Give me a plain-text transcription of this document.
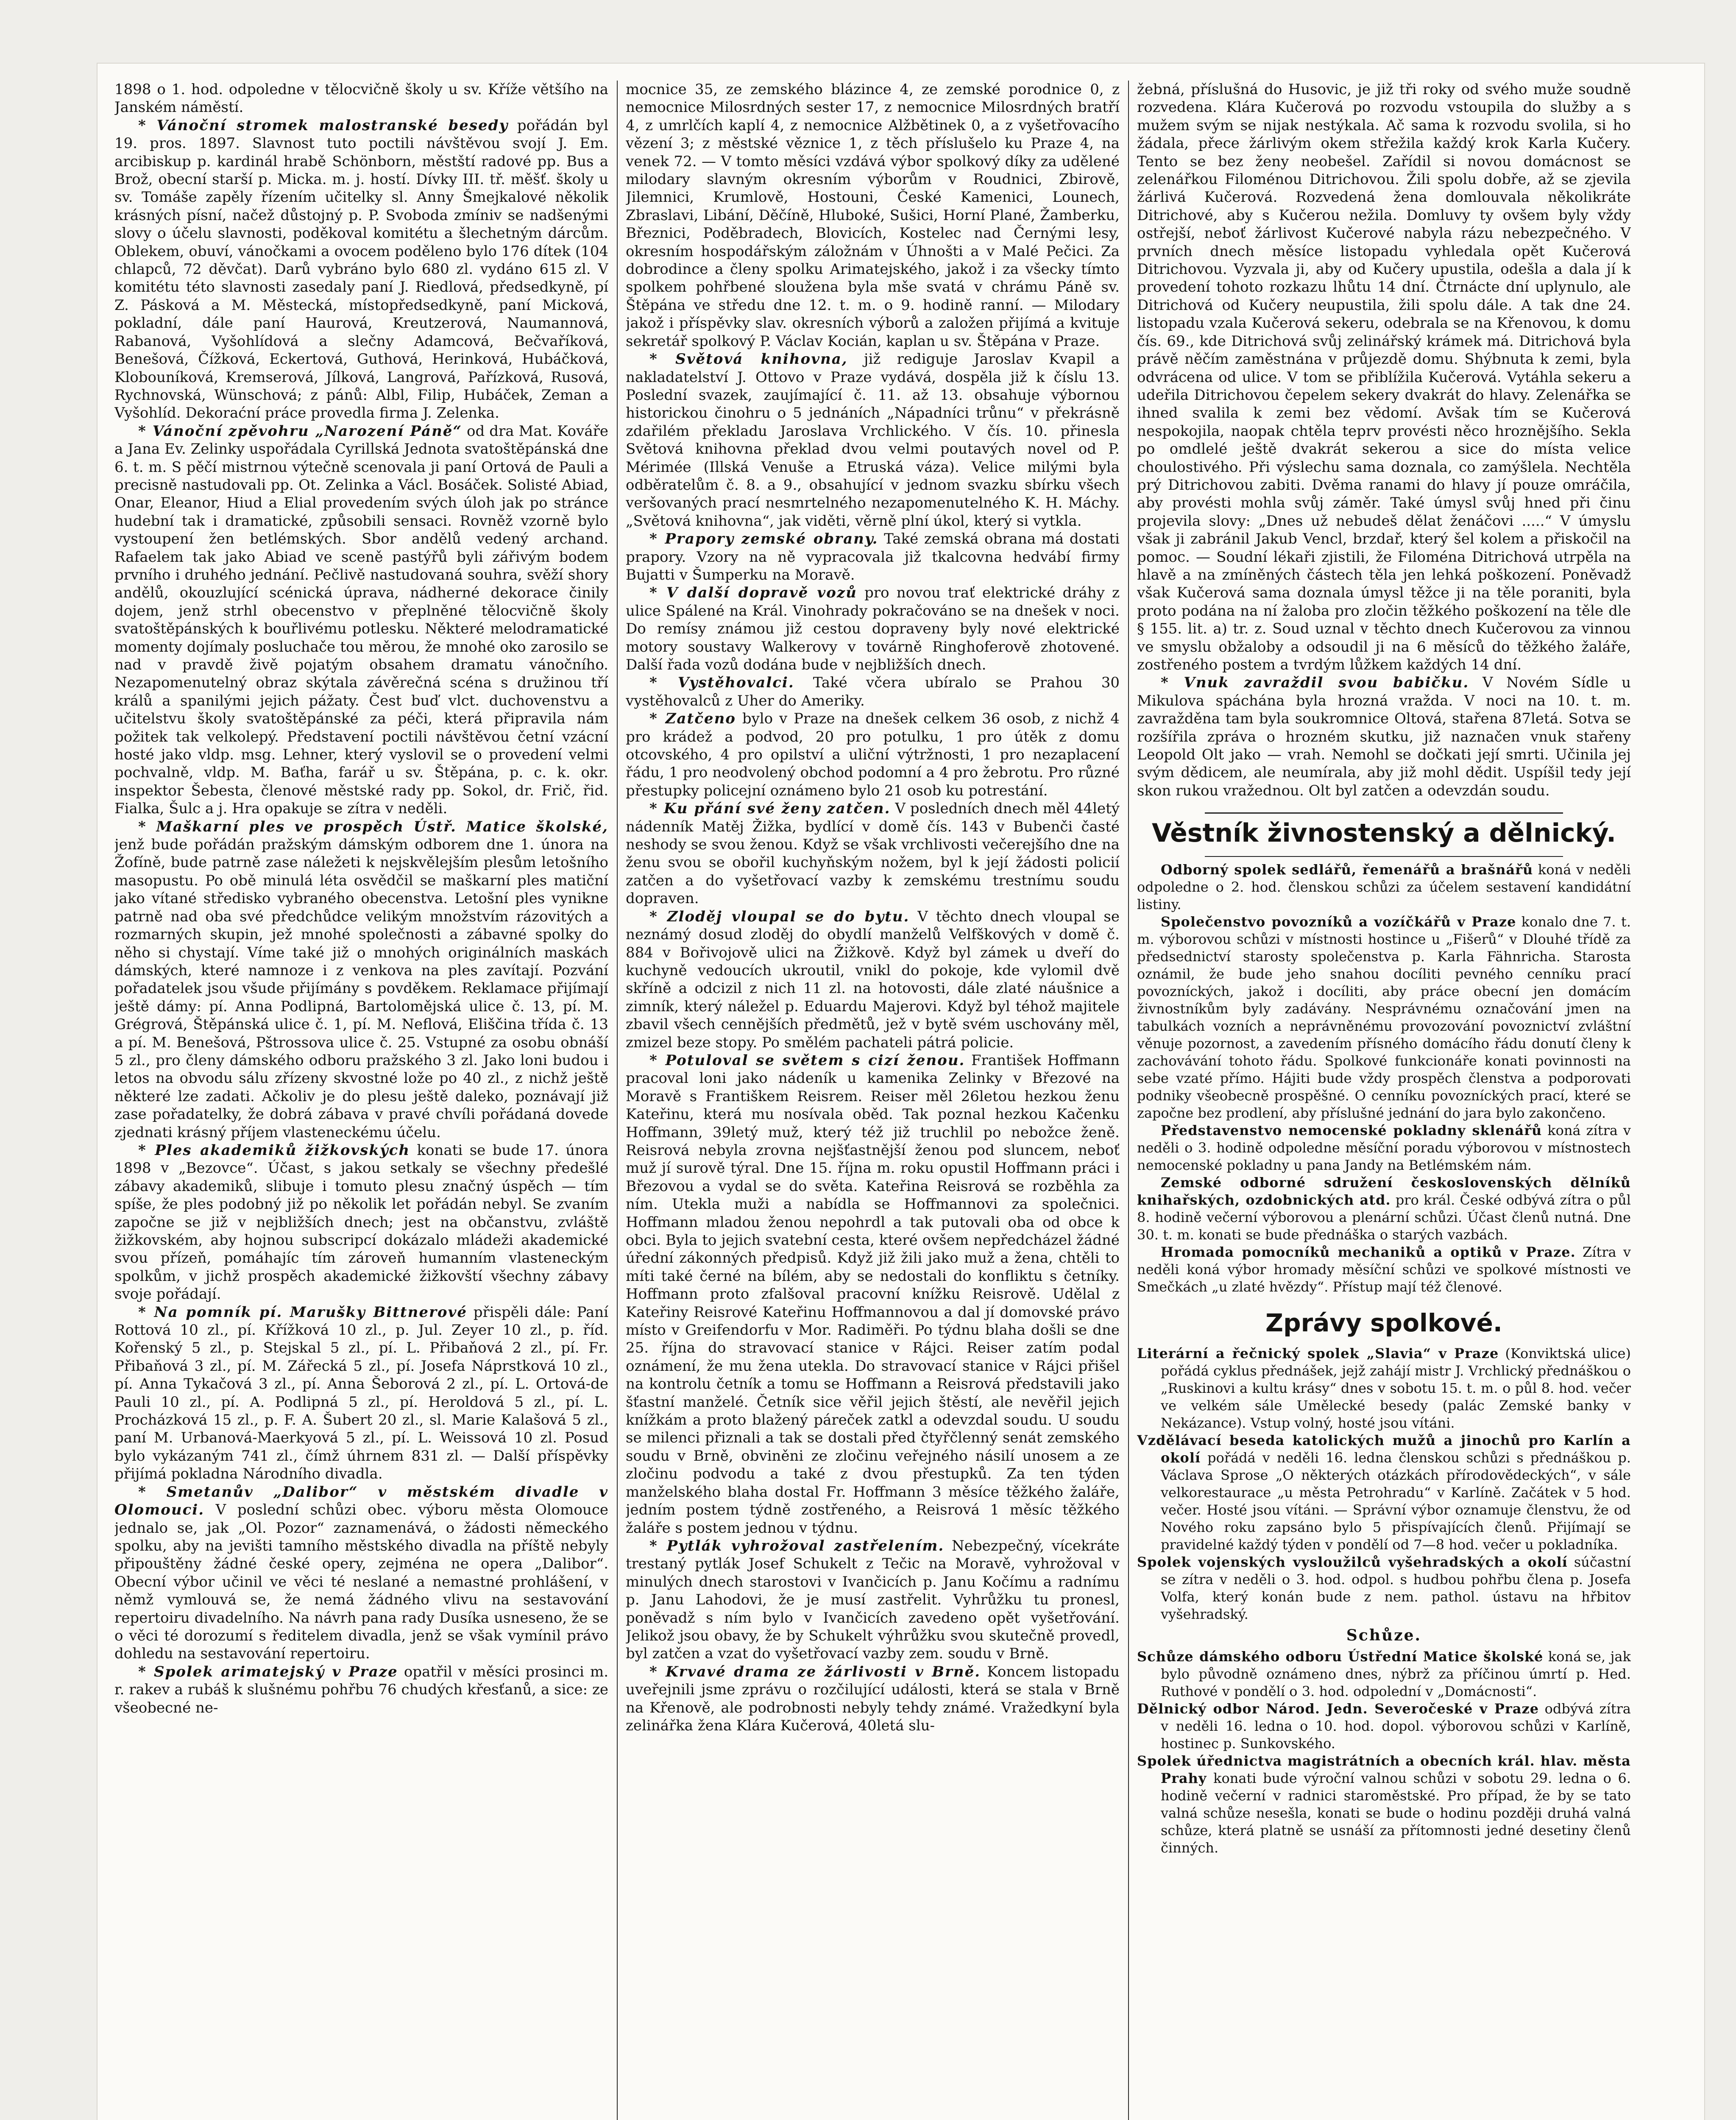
1898 o 1. hod. odpoledne v tělocvičně školy u sv. Kříže většího na Janském náměstí.

* Vánoční stromek malostranské besedy pořádán byl 19. pros. 1897. Slavnost tuto poctili návštěvou svojí J. Em. arcibiskup p. kardinál hrabě Schönborn, městští radové pp. Bus a Brož, obecní starší p. Micka. m. j. hostí. Dívky III. tř. měšť. školy u sv. Tomáše zapěly řízením učitelky sl. Anny Šmejkalové několik krásných písní, načež důstojný p. P. Svoboda zmíniv se nadšenými slovy o účelu slavnosti, poděkoval komitétu a šlechetným dárcům. Oblekem, obuví, vánočkami a ovocem poděleno bylo 176 dítek (104 chlapců, 72 děvčat). Darů vybráno bylo 680 zl. vydáno 615 zl. V komitétu této slavnosti zasedaly paní J. Riedlová, předsedkyně, pí Z. Pásková a M. Městecká, místopředsedkyně, paní Micková, pokladní, dále paní Haurová, Kreutzerová, Naumannová, Rabanová, Vyšohlídová a slečny Adamcová, Bečvaříková, Benešová, Čížková, Eckertová, Guthová, Herinková, Hubáčková, Klobouníková, Kremserová, Jílková, Langrová, Pařízková, Rusová, Rychnovská, Wünschová; z pánů: Albl, Filip, Hubáček, Zeman a Vyšohlíd. Dekoraćní práce provedla firma J. Zelenka.

* Vánoční zpěvohru „Narození Páně“ od dra Mat. Kováře a Jana Ev. Zelinky uspořádala Cyrillská Jednota svatoštěpánská dne 6. t. m. S pěčí mistrnou výtečně scenovala ji paní Ortová de Pauli a precisně nastudovali pp. Ot. Zelinka a Václ. Bosáček. Solisté Abiad, Onar, Eleanor, Hiud a Elial provedením svých úloh jak po stránce hudební tak i dramatické, způsobili sensaci. Rovněž vzorně bylo vystoupení žen betlémských. Sbor andělů vedený archand. Rafaelem tak jako Abiad ve sceně pastýřů byli zářivým bodem prvního i druhého jednání. Pečlivě nastudovaná souhra, svěží shory andělů, okouzlující scénická úprava, nádherné dekorace činily dojem, jenž strhl obecenstvo v přeplněné tělocvičně školy svatoštěpánských k bouřlivému potlesku. Některé melodramatické momenty dojímaly posluchače tou měrou, že mnohé oko zarosilo se nad v pravdě živě pojatým obsahem dramatu vánočního. Nezapomenutelný obraz skýtala závěrečná scéna s družinou tří králů a spanilými jejich pážaty. Čest buď vlct. duchovenstvu a učitelstvu školy svatoštěpánské za péči, která připravila nám požitek tak velkolepý. Představení poctili návštěvou četní vzácní hosté jako vldp. msg. Lehner, který vyslovil se o provedení velmi pochvalně, vldp. M. Baťha, farář u sv. Štěpána, p. c. k. okr. inspektor Šebesta, členové městské rady pp. Sokol, dr. Frič, řid. Fialka, Šulc a j. Hra opakuje se zítra v neděli.

* Maškarní ples ve prospěch Ústř. Matice školské, jenž bude pořádán pražským dámským odborem dne 1. února na Žofíně, bude patrně zase náležeti k nejskvělejším plesům letošního masopustu. Po obě minulá léta osvědčil se maškarní ples matiční jako vítané středisko vybraného obecenstva. Letošní ples vynikne patrně nad oba své předchůdce velikým množstvím rázovitých a rozmarných skupin, jež mnohé společnosti a zábavné spolky do něho si chystají. Víme také již o mnohých originálních maskách dámských, které namnoze i z venkova na ples zavítají. Pozvání pořadatelek jsou všude přijímány s povděkem. Reklamace přijímají ještě dámy: pí. Anna Podlipná, Bartolomějská ulice č. 13, pí. M. Grégrová, Štěpánská ulice č. 1, pí. M. Neflová, Eliščina třída č. 13 a pí. M. Benešová, Pštrossova ulice č. 25. Vstupné za osobu obnáší 5 zl., pro členy dámského odboru pražského 3 zl. Jako loni budou i letos na obvodu sálu zřízeny skvostné lože po 40 zl., z nichž ještě některé lze zadati. Ačkoliv je do plesu ještě daleko, poznávají již zase pořadatelky, že dobrá zábava v pravé chvíli pořádaná dovede zjednati krásný příjem vlasteneckému účelu.

* Ples akademiků žižkovských konati se bude 17. února 1898 v „Bezovce“. Účast, s jakou setkaly se všechny předešlé zábavy akademiků, slibuje i tomuto plesu značný úspěch — tím spíše, že ples podobný již po několik let pořádán nebyl. Se zvaním započne se již v nejbližších dnech; jest na občanstvu, zvláště žižkovském, aby hojnou subscripcí dokázalo mládeži akademické svou přízeň, pomáhajíc tím zároveň humanním vlasteneckým spolkům, v jichž prospěch akademické žižkovští všechny zábavy svoje pořádají.

* Na pomník pí. Marušky Bittnerové přispěli dále: Paní Rottová 10 zl., pí. Křížková 10 zl., p. Jul. Zeyer 10 zl., p. říd. Kořenský 5 zl., p. Stejskal 5 zl., pí. L. Přibaňová 2 zl., pí. Fr. Přibaňová 3 zl., pí. M. Zářecká 5 zl., pí. Josefa Náprstková 10 zl., pí. Anna Tykačová 3 zl., pí. Anna Šeborová 2 zl., pí. L. Ortová-de Pauli 10 zl., pí. A. Podlipná 5 zl., pí. Heroldová 5 zl., pí. L. Procházková 15 zl., p. F. A. Šubert 20 zl., sl. Marie Kalašová 5 zl., paní M. Urbanová-Maerkyová 5 zl., pí. L. Weissová 10 zl. Posud bylo vykázaným 741 zl., čímž úhrnem 831 zl. — Další příspěvky přijímá pokladna Národního divadla.

* Smetanův „Dalibor“ v městském divadle v Olomouci. V poslední schůzi obec. výboru města Olomouce jednalo se, jak „Ol. Pozor“ zaznamenává, o žádosti německého spolku, aby na jevišti tamního městského divadla na příště nebyly připouštěny žádné české opery, zejména ne opera „Dalibor“. Obecní výbor učinil ve věci té neslané a nemastné prohlášení, v němž vymlouvá se, že nemá žádného vlivu na sestavování repertoiru divadelního. Na návrh pana rady Dusíka usneseno, že se o věci té dorozumí s ředitelem divadla, jenž se však vymínil právo dohledu na sestavování repertoiru.

* Spolek arimatejský v Praze opatřil v měsíci prosinci m. r. rakev a rubáš k slušnému pohřbu 76 chudých křesťanů, a sice: ze všeobecné ne-

mocnice 35, ze zemského blázince 4, ze zemské porodnice 0, z nemocnice Milosrdných sester 17, z nemocnice Milosrdných bratří 4, z umrlčích kaplí 4, z nemocnice Alžbětinek 0, a z vyšetřovacího vězení 3; z městské věznice 1, z těch příslušelo ku Praze 4, na venek 72. — V tomto měsíci vzdává výbor spolkový díky za udělené milodary slavným okresním výborům v Roudnici, Zbirově, Jilemnici, Krumlově, Hostouni, České Kamenici, Lounech, Zbraslavi, Libání, Děčíně, Hluboké, Sušici, Horní Plané, Žamberku, Březnici, Poděbradech, Blovicích, Kostelec nad Černými lesy, okresním hospodářským záložnám v Úhnošti a v Malé Pečici. Za dobrodince a členy spolku Arimatejského, jakož i za všecky tímto spolkem pohřbené sloužena byla mše svatá v chrámu Páně sv. Štěpána ve středu dne 12. t. m. o 9. hodině ranní. — Milodary jakož i příspěvky slav. okresních výborů a založen přijímá a kvituje sekretář spolkový P. Václav Kocián, kaplan u sv. Štěpána v Praze.

* Světová knihovna, již rediguje Jaroslav Kvapil a nakladatelství J. Ottovo v Praze vydává, dospěla již k číslu 13. Poslední svazek, zaujímající č. 11. až 13. obsahuje výbornou historickou činohru o 5 jednáních „Nápadníci trůnu“ v překrásně zdařilém překladu Jaroslava Vrchlického. V čís. 10. přinesla Světová knihovna překlad dvou velmi poutavých novel od P. Mérimée (Illská Venuše a Etruská váza). Velice milými byla odběratelům č. 8. a 9., obsahující v jednom svazku sbírku všech veršovaných prací nesmrtelného nezapomenutelného K. H. Máchy. „Světová knihovna“, jak viděti, věrně plní úkol, který si vytkla.

* Prapory zemské obrany. Také zemská obrana má dostati prapory. Vzory na ně vypracovala již tkalcovna hedvábí firmy Bujatti v Šumperku na Moravě.

* V další dopravě vozů pro novou trať elektrické dráhy z ulice Spálené na Král. Vinohrady pokračováno se na dnešek v noci. Do remísy známou již cestou dopraveny byly nové elektrické motory soustavy Walkerovy v továrně Ringhoferově zhotovené. Další řada vozů dodána bude v nejbližších dnech.

* Vystěhovalci. Také včera ubíralo se Prahou 30 vystěhovalců z Uher do Ameriky.

* Zatčeno bylo v Praze na dnešek celkem 36 osob, z nichž 4 pro krádež a podvod, 20 pro potulku, 1 pro útěk z domu otcovského, 4 pro opilství a uliční výtržnosti, 1 pro nezaplacení řádu, 1 pro neodvolený obchod podomní a 4 pro žebrotu. Pro různé přestupky policejní oznámeno bylo 21 osob ku potrestání.

* Ku přání své ženy zatčen. V posledních dnech měl 44letý nádenník Matěj Žižka, bydlící v domě čís. 143 v Bubenči časté neshody se svou ženou. Když se však vrchlivosti večerejšího dne na ženu svou se obořil kuchyňským nožem, byl k její žádosti policií zatčen a do vyšetřovací vazby k zemskému trestnímu soudu dopraven.

* Zloděj vloupal se do bytu. V těchto dnech vloupal se neznámý dosud zloděj do obydlí manželů Velfškových v domě č. 884 v Bořivojově ulici na Žižkově. Když byl zámek u dveří do kuchyně vedoucích ukroutil, vnikl do pokoje, kde vylomil dvě skříně a odcizil z nich 11 zl. na hotovosti, dále zlaté náušnice a zimník, který náležel p. Eduardu Majerovi. Když byl téhož majitele zbavil všech cennějších předmětů, jež v bytě svém uschovány měl, zmizel beze stopy. Po smělém pachateli pátrá policie.

* Potuloval se světem s cizí ženou. František Hoffmann pracoval loni jako nádeník u kamenika Zelinky v Březové na Moravě s Františkem Reisrem. Reiser měl 26letou hezkou ženu Kateřinu, která mu nosívala oběd. Tak poznal hezkou Kačenku Hoffmann, 39letý muž, který též již truchlil po nebožce ženě. Reisrová nebyla zrovna nejšťastnější ženou pod sluncem, neboť muž jí surově týral. Dne 15. října m. roku opustil Hoffmann práci i Březovou a vydal se do světa. Kateřina Reisrová se rozběhla za ním. Utekla muži a nabídla se Hoffmannovi za společnici. Hoffmann mladou ženou nepohrdl a tak putovali oba od obce k obci. Byla to jejich svatební cesta, které ovšem nepředcházel žádné úřední zákonných předpisů. Když již žili jako muž a žena, chtěli to míti také černé na bílém, aby se nedostali do konfliktu s četníky. Hoffmann proto zfalšoval pracovní knížku Reisrově. Udělal z Kateřiny Reisrové Kateřinu Hoffmannovou a dal jí domovské právo místo v Greifendorfu v Mor. Radiměři. Po týdnu blaha došli se dne 25. října do stravovací stanice v Rájci. Reiser zatím podal oznámení, že mu žena utekla. Do stravovací stanice v Rájci přišel na kontrolu četník a tomu se Hoffmann a Reisrová představili jako šťastní manželé. Četník sice věřil jejich štěstí, ale nevěřil jejich knížkám a proto blažený páreček zatkl a odevzdal soudu. U soudu se milenci přiznali a tak se dostali před čtyřčlenný senát zemského soudu v Brně, obviněni ze zločinu veřejného násilí unosem a ze zločinu podvodu a také z dvou přestupků. Za ten týden manželského blaha dostal Fr. Hoffmann 3 měsíce těžkého žaláře, jedním postem týdně zostřeného, a Reisrová 1 měsíc těžkého žaláře s postem jednou v týdnu.

* Pytlák vyhrožoval zastřelením. Nebezpečný, vícekráte trestaný pytlák Josef Schukelt z Tečic na Moravě, vyhrožoval v minulých dnech starostovi v Ivančicích p. Janu Kočímu a radnímu p. Janu Lahodovi, že je musí zastřelit. Vyhrůžku tu pronesl, poněvadž s ním bylo v Ivančicích zavedeno opět vyšetřování. Jelikož jsou obavy, že by Schukelt výhrůžku svou skutečně provedl, byl zatčen a vzat do vyšetřovací vazby zem. soudu v Brně.

* Krvavé drama ze žárlivosti v Brně. Koncem listopadu uveřejnili jsme zprávu o rozčilující události, která se stala v Brně na Křenově, ale podrobnosti nebyly tehdy známé. Vražedkyní byla zelinářka žena Klára Kučerová, 40letá slu-

žebná, příslušná do Husovic, je již tři roky od svého muže soudně rozvedena. Klára Kučerová po rozvodu vstoupila do služby a s mužem svým se nijak nestýkala. Ač sama k rozvodu svolila, si ho žádala, přece žárlivým okem střežila každý krok Karla Kučery. Tento se bez ženy neobešel. Zařídil si novou domácnost se zelenářkou Filoménou Ditrichovou. Žili spolu dobře, až se zjevila žárlivá Kučerová. Rozvedená žena domlouvala několikráte Ditrichové, aby s Kučerou nežila. Domluvy ty ovšem byly vždy ostřejší, neboť žárlivost Kučerové nabyla rázu nebezpečného. V prvních dnech měsíce listopadu vyhledala opět Kučerová Ditrichovou. Vyzvala ji, aby od Kučery upustila, odešla a dala jí k provedení tohoto rozkazu lhůtu 14 dní. Čtrnácte dní uplynulo, ale Ditrichová od Kučery neupustila, žili spolu dále. A tak dne 24. listopadu vzala Kučerová sekeru, odebrala se na Křenovou, k domu čís. 69., kde Ditrichová svůj zelinářský krámek má. Ditrichová byla právě něčím zaměstnána v průjezdě domu. Shýbnuta k zemi, byla odvrácena od ulice. V tom se přiblížila Kučerová. Vytáhla sekeru a udeřila Ditrichovou čepelem sekery dvakrát do hlavy. Zelenářka se ihned svalila k zemi bez vědomí. Avšak tím se Kučerová nespokojila, naopak chtěla teprv provésti něco hroznějšího. Sekla po omdlelé ještě dvakrát sekerou a sice do místa velice choulostivého. Při výslechu sama doznala, co zamýšlela. Nechtěla prý Ditrichovou zabiti. Dvěma ranami do hlavy jí pouze omráčila, aby provésti mohla svůj záměr. Také úmysl svůj hned při činu projevila slovy: „Dnes už nebudeš dělat ženáčovi .....“ V úmyslu však ji zabránil Jakub Vencl, brzdař, který šel kolem a přiskočil na pomoc. — Soudní lékaři zjistili, že Filoména Ditrichová utrpěla na hlavě a na zmíněných částech těla jen lehká poškození. Poněvadž však Kučerová sama doznala úmysl těžce ji na těle poraniti, byla proto podána na ní žaloba pro zločin těžkého poškození na těle dle § 155. lit. a) tr. z. Soud uznal v těchto dnech Kučerovou za vinnou ve smyslu obžaloby a odsoudil ji na 6 měsíců do těžkého žaláře, zostřeného postem a tvrdým lůžkem každých 14 dní.

* Vnuk zavraždil svou babičku. V Novém Sídle u Mikulova spáchána byla hrozná vražda. V noci na 10. t. m. zavražděna tam byla soukromnice Oltová, stařena 87letá. Sotva se rozšířila zpráva o hrozném skutku, již naznačen vnuk stařeny Leopold Olt jako — vrah. Nemohl se dočkati její smrti. Učinila jej svým dědicem, ale neumírala, aby již mohl dědit. Uspíšil tedy její skon rukou vražednou. Olt byl zatčen a odevzdán soudu.

Věstník živnostenský a dělnický.

Odborný spolek sedlářů, řemenářů a brašnářů koná v neděli odpoledne o 2. hod. členskou schůzi za účelem sestavení kandidátní listiny.

Společenstvo povozníků a vozíčkářů v Praze konalo dne 7. t. m. výborovou schůzi v místnosti hostince u „Fišerů“ v Dlouhé třídě za předsednictví starosty společenstva p. Karla Fähnricha. Starosta oznámil, že bude jeho snahou docíliti pevného cenníku prací povozníckých, jakož i docíliti, aby práce obecní jen domácím živnostníkům byly zadávány. Nesprávnému označování jmen na tabulkách vozních a neprávněnému provozování povoznictví zvláštní věnuje pozornost, a zavedením přísného domácího řádu donutí členy k zachovávání tohoto řádu. Spolkové funkcionáře konati povinnosti na sebe vzaté přímo. Hájiti bude vždy prospěch členstva a podporovati podniky všeobecně prospěšné. O cenníku povozníckých prací, které se započne bez prodlení, aby příslušné jednání do jara bylo zakončeno.

Představenstvo nemocenské pokladny sklenářů koná zítra v neděli o 3. hodině odpoledne měsíční poradu výborovou v místnostech nemocenské pokladny u pana Jandy na Betlémském nám.

Zemské odborné sdružení československých dělníků knihařských, ozdobnických atd. pro král. České odbývá zítra o půl 8. hodině večerní výborovou a plenární schůzi. Účast členů nutná. Dne 30. t. m. konati se bude přednáška o starých vazbách.

Hromada pomocníků mechaniků a optiků v Praze. Zítra v neděli koná výbor hromady měsíční schůzi ve spolkové místnosti ve Smečkách „u zlaté hvězdy“. Přístup mají též členové.

Zprávy spolkové.

Literární a řečnický spolek „Slavia“ v Praze (Konviktská ulice) pořádá cyklus přednášek, jejž zahájí mistr J. Vrchlický přednáškou o „Ruskinovi a kultu krásy“ dnes v sobotu 15. t. m. o půl 8. hod. večer ve velkém sále Umělecké besedy (palác Zemské banky v Nekázance). Vstup volný, hosté jsou vítáni.

Vzdělávací beseda katolických mužů a jinochů pro Karlín a okolí pořádá v neděli 16. ledna členskou schůzi s přednáškou p. Václava Sprose „O některých otázkách přírodovědeckých“, v sále velkorestaurace „u města Petrohradu“ v Karlíně. Začátek v 5 hod. večer. Hosté jsou vítáni. — Správní výbor oznamuje členstvu, že od Nového roku zapsáno bylo 5 přispívajících členů. Přijímají se pravidelné každý týden v pondělí od 7—8 hod. večer u pokladníka.

Spolek vojenských vysloužilců vyšehradských a okolí súčastní se zítra v neděli o 3. hod. odpol. s hudbou pohřbu člena p. Josefa Volfa, který konán bude z nem. pathol. ústavu na hřbitov vyšehradský.

Schůze.

Schůze dámského odboru Ústřední Matice školské koná se, jak bylo původně oznámeno dnes, nýbrž za příčinou úmrtí p. Hed. Ruthové v pondělí o 3. hod. odpolední v „Domácnosti“.

Dělnický odbor Národ. Jedn. Severočeské v Praze odbývá zítra v neděli 16. ledna o 10. hod. dopol. výborovou schůzi v Karlíně, hostinec p. Sunkovského.

Spolek úřednictva magistrátních a obecních král. hlav. města Prahy konati bude výroční valnou schůzi v sobotu 29. ledna o 6. hodině večerní v radnici staroměstské. Pro případ, že by se tato valná schůze nesešla, konati se bude o hodinu později druhá valná schůze, která platně se usnáší za přítomnosti jedné desetiny členů činných.
